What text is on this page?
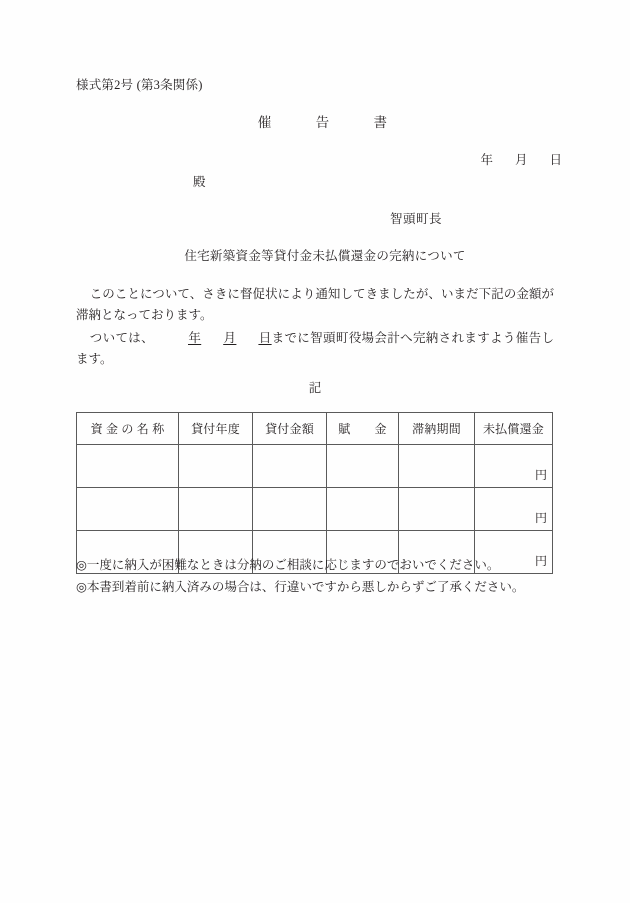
様式第2号 (第3条関係)

催	告	書

年 月 日

殿
智頭町長
住宅新築資金等貸付金未払償還金の完納について

このことについて、さきに督促状により通知してきましたが、いまだ下記の金額が滞納となっております。

ついては、	年 月 日までに智頭町役場会計へ完納されますよう催告します。

記
資 金 の 名 称	貸付年度	貸付金額	賦 金	滞納期間	未払償還金
					円
					円
					円
◎一度に納入が困難なときは分納のご相談に応じますのでおいでください。
◎本書到着前に納入済みの場合は、行違いですから悪しからずご了承ください。
